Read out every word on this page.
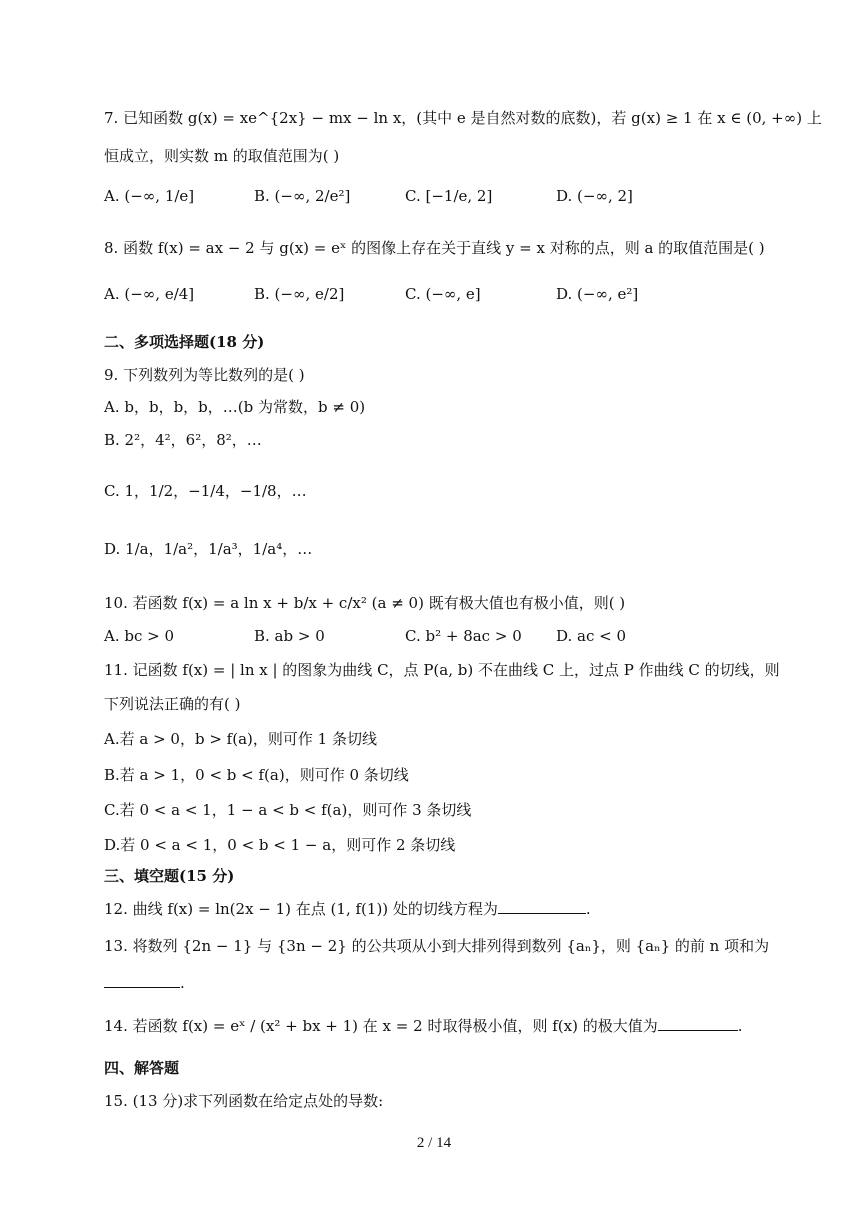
7. 已知函数 g(x) = xe^{2x} − mx − ln x，(其中 e 是自然对数的底数)，若 g(x) ≥ 1 在 x ∈ (0, +∞) 上
恒成立，则实数 m 的取值范围为( )
A. (−∞, 1/e]	B. (−∞, 2/e²]	C. [−1/e, 2]	D. (−∞, 2]
8. 函数 f(x) = ax − 2 与 g(x) = eˣ 的图像上存在关于直线 y = x 对称的点，则 a 的取值范围是( )
A. (−∞, e/4]	B. (−∞, e/2]	C. (−∞, e]	D. (−∞, e²]
二、多项选择题(18 分)
9. 下列数列为等比数列的是( )
A. b，b，b，b，…(b 为常数，b ≠ 0)
B. 2²，4²，6²，8²，…
C. 1，1/2，−1/4，−1/8，…
D. 1/a，1/a²，1/a³，1/a⁴，…
10. 若函数 f(x) = a ln x + b/x + c/x² (a ≠ 0) 既有极大值也有极小值，则( )
A. bc > 0	B. ab > 0	C. b² + 8ac > 0 D. ac < 0
11. 记函数 f(x) = | ln x | 的图象为曲线 C，点 P(a, b) 不在曲线 C 上，过点 P 作曲线 C 的切线，则
下列说法正确的有( )
A.若 a > 0，b > f(a)，则可作 1 条切线
B.若 a > 1，0 < b < f(a)，则可作 0 条切线
C.若 0 < a < 1，1 − a < b < f(a)，则可作 3 条切线
D.若 0 < a < 1，0 < b < 1 − a，则可作 2 条切线
三、填空题(15 分)
12. 曲线 f(x) = ln(2x − 1) 在点 (1, f(1)) 处的切线方程为	.
13. 将数列 {2n − 1} 与 {3n − 2} 的公共项从小到大排列得到数列 {aₙ}，则 {aₙ} 的前 n 项和为
.
14. 若函数 f(x) = eˣ / (x² + bx + 1) 在 x = 2 时取得极小值，则 f(x) 的极大值为	.
四、解答题
15. (13 分)求下列函数在给定点处的导数:
2 / 14
